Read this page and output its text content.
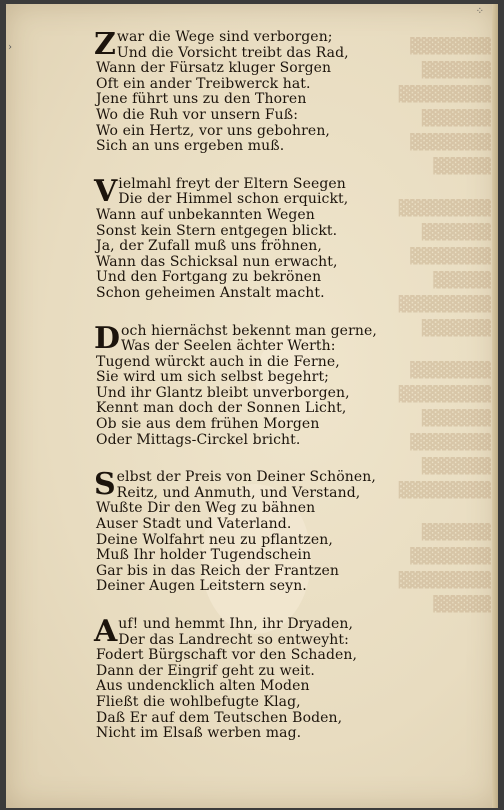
▓▓▓▓▓▓▓
▓▓▓▓▓▓
▓▓▓▓▓▓▓▓
▓▓▓▓▓▓
▓▓▓▓▓▓▓
▓▓▓▓▓
▓▓▓▓▓▓▓▓
▓▓▓▓▓▓
▓▓▓▓▓▓▓
▓▓▓▓▓
▓▓▓▓▓▓▓▓
▓▓▓▓▓▓
▓▓▓▓▓▓▓
▓▓▓▓▓▓▓▓
▓▓▓▓▓▓
▓▓▓▓▓▓▓
▓▓▓▓▓▓
▓▓▓▓▓▓▓▓
▓▓▓▓▓▓
▓▓▓▓▓▓▓
▓▓▓▓▓▓▓▓
▓▓▓▓▓
›
⁘
Z war die Wege sind verborgen;
Und die Vorsicht treibt das Rad,
Wann der Fürsatz kluger Sorgen
Oft ein ander Treibwerck hat.
Jene führt uns zu den Thoren
Wo die Ruh vor unsern Fuß:
Wo ein Hertz, vor uns gebohren,
Sich an uns ergeben muß.
V ielmahl freyt der Eltern Seegen
Die der Himmel schon erquickt,
Wann auf unbekannten Wegen
Sonst kein Stern entgegen blickt.
Ja, der Zufall muß uns fröhnen,
Wann das Schicksal nun erwacht,
Und den Fortgang zu bekrönen
Schon geheimen Anstalt macht.
D och hiernächst bekennt man gerne,
Was der Seelen ächter Werth:
Tugend würckt auch in die Ferne,
Sie wird um sich selbst begehrt;
Und ihr Glantz bleibt unverborgen,
Kennt man doch der Sonnen Licht,
Ob sie aus dem frühen Morgen
Oder Mittags-Circkel bricht.
S elbst der Preis von Deiner Schönen,
Reitz, und Anmuth, und Verstand,
Wußte Dir den Weg zu bähnen
Auser Stadt und Vaterland.
Deine Wolfahrt neu zu pflantzen,
Muß Ihr holder Tugendschein
Gar bis in das Reich der Frantzen
Deiner Augen Leitstern seyn.
A uf! und hemmt Ihn, ihr Dryaden,
Der das Landrecht so entweyht:
Fodert Bürgschaft vor den Schaden,
Dann der Eingrif geht zu weit.
Aus undencklich alten Moden
Fließt die wohlbefugte Klag,
Daß Er auf dem Teutschen Boden,
Nicht im Elsaß werben mag.
